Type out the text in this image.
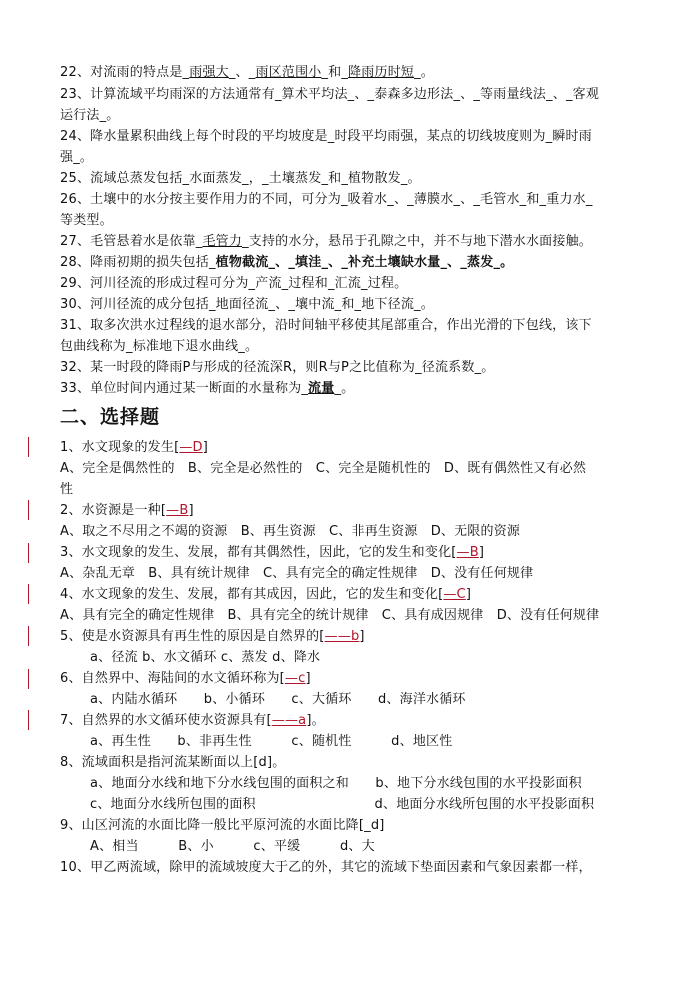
22、对流雨的特点是_雨强大_、_雨区范围小_和_降雨历时短_。
23、计算流域平均雨深的方法通常有_算术平均法_、_泰森多边形法_、_等雨量线法_、_客观
运行法_。
24、降水量累积曲线上每个时段的平均坡度是_时段平均雨强，某点的切线坡度则为_瞬时雨
强_。
25、流域总蒸发包括_水面蒸发_，_土壤蒸发_和_植物散发_。
26、土壤中的水分按主要作用力的不同，可分为_吸着水_、_薄膜水_、_毛管水_和_重力水_
等类型。
27、毛管悬着水是依靠_毛管力_支持的水分，悬吊于孔隙之中，并不与地下潜水水面接触。
28、降雨初期的损失包括_植物截流_、_填洼_、_补充土壤缺水量_、_蒸发_。
29、河川径流的形成过程可分为_产流_过程和_汇流_过程。
30、河川径流的成分包括_地面径流_、_壤中流_和_地下径流_。
31、取多次洪水过程线的退水部分，沿时间轴平移使其尾部重合，作出光滑的下包线，该下
包曲线称为_标准地下退水曲线_。
32、某一时段的降雨P与形成的径流深R，则R与P之比值称为_径流系数_。
33、单位时间内通过某一断面的水量称为_流量_。
二、选择题
1、水文现象的发生[—D]
A、完全是偶然性的　B、完全是必然性的　C、完全是随机性的　D、既有偶然性又有必然
性
2、水资源是一种[—B]
A、取之不尽用之不竭的资源　B、再生资源　C、非再生资源　D、无限的资源
3、水文现象的发生、发展，都有其偶然性，因此，它的发生和变化[—B]
A、杂乱无章　B、具有统计规律　C、具有完全的确定性规律　D、没有任何规律
4、水文现象的发生、发展，都有其成因，因此，它的发生和变化[—C]
A、具有完全的确定性规律　B、具有完全的统计规律　C、具有成因规律　D、没有任何规律
5、使是水资源具有再生性的原因是自然界的[——b]
a、径流 b、水文循环 c、蒸发 d、降水
6、自然界中、海陆间的水文循环称为[—c]
a、内陆水循环　　b、小循环　　c、大循环　　d、海洋水循环
7、自然界的水文循环使水资源具有[——a]。
a、再生性　　b、非再生性　　　c、随机性　　　d、地区性
8、流域面积是指河流某断面以上[d]。
a、地面分水线和地下分水线包围的面积之和　　b、地下分水线包围的水平投影面积
c、地面分水线所包围的面积　　　　　　　　　d、地面分水线所包围的水平投影面积
9、山区河流的水面比降一般比平原河流的水面比降[_d]
A、相当　　　B、小　　　c、平缓　　　d、大
10、甲乙两流域，除甲的流域坡度大于乙的外，其它的流域下垫面因素和气象因素都一样，
